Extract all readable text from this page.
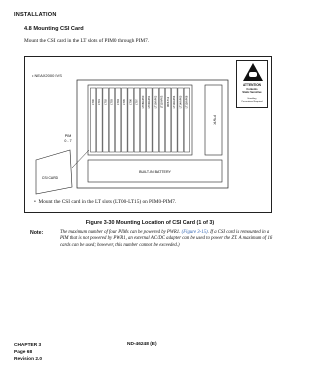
INSTALLATION
4.8 Mounting CSI Card
Mount the CSI card in the LT slots of PIM0 through PIM7.
• NEAX2000 IVS
LT00	LT01	LT02	LT03	LT04	LT05	LT06	LT07	LT08/AP00	LT09/AP01	LT10/AP02	LT11/AP03	MP/LT12	LT13/AP04	LT14/AP05	LT15/AP06
P W R
BUILT-IN BATTERY
PIM
0 - 7
CSI CARD
ATTENTION
Contents
Static Sensitive
Handling
Precautions Required
•  Mount the CSI card in the LT slots (LT00-LT15) on PIM0-PIM7.
Figure 3-30 Mounting Location of CSI Card (1 of 3)
Note:	The maximum number of four PIMs can be powered by PWR1. (Figure 3-15). If a CSI card is remounted in a PIM that is not powered by PWR1, an external AC/DC adapter can be used to power the ZT. A maximum of 16 cards can be used; however, this number cannot be exceeded.)
CHAPTER 3
Page 68
Revision 2.0
ND-46248 (E)
